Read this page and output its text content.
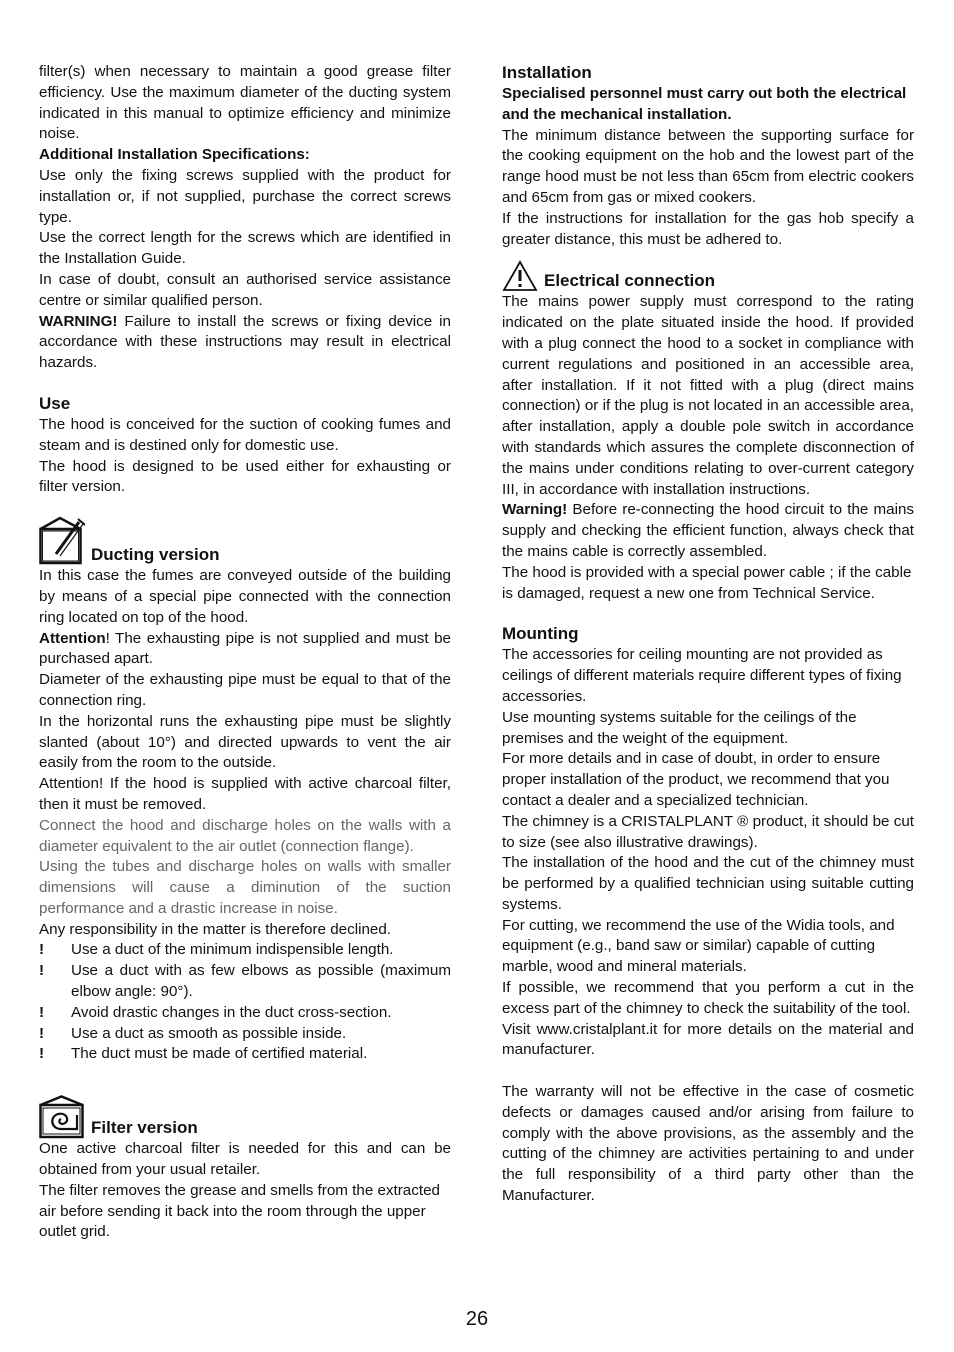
filter(s) when necessary to maintain a good grease filter efficiency. Use the maximum diameter of the ducting system indicated in this manual to optimize efficiency and minimize noise.

Additional Installation Specifications:

Use only the fixing screws supplied with the product for installation or, if not supplied, purchase the correct screws type.

Use the correct length for the screws which are identified in the Installation Guide.

In case of doubt, consult an authorised service assistance centre or similar qualified person.

WARNING! Failure to install the screws or fixing device in accordance with these instructions may result in electrical hazards.

Use

The hood is conceived for the suction of cooking fumes and steam and is destined only for domestic use.

The hood is designed to be used either for exhausting or filter version.

Ducting version

In this case the fumes are conveyed outside of the building by means of a special pipe connected with the connection ring located on top of the hood.

Attention! The exhausting pipe is not supplied and must be purchased apart.

Diameter of the exhausting pipe must be equal to that of the connection ring.

In the horizontal runs the exhausting pipe must be slightly slanted (about 10°) and directed upwards to vent the air easily from the room to the outside.

Attention! If the hood is supplied with active charcoal filter, then it must be removed.

Connect the hood and discharge holes on the walls with a diameter equivalent to the air outlet (connection flange).

Using the tubes and discharge holes on walls with smaller dimensions will cause a diminution of the suction performance and a drastic increase in noise.

Any responsibility in the matter is therefore declined.

!	Use a duct of the minimum indispensible length.
!	Use a duct with as few elbows as possible (maximum elbow angle: 90°).
!	Avoid drastic changes in the duct cross-section.
!	Use a duct as smooth as possible inside.
!	The duct must be made of certified material.
Filter version

One active charcoal filter is needed for this and can be obtained from your usual retailer.

The filter removes the grease and smells from the extracted air before sending it back into the room through the upper outlet grid.

Installation

Specialised personnel must carry out both the electrical and the mechanical installation.

The minimum distance between the supporting surface for the cooking equipment on the hob and the lowest part of the range hood must be not less than 65cm from electric cookers and 65cm from gas or mixed cookers.

If the instructions for installation for the gas hob specify a greater distance, this must be adhered to.

Electrical connection

The mains power supply must correspond to the rating indicated on the plate situated inside the hood. If provided with a plug connect the hood to a socket in compliance with current regulations and positioned in an accessible area, after installation. If it not fitted with a plug (direct mains connection) or if the plug is not located in an accessible area, after installation, apply a double pole switch in accordance with standards which assures the complete disconnection of the mains under conditions relating to over-current category III, in accordance with installation instructions.

Warning! Before re-connecting the hood circuit to the mains supply and checking the efficient function, always check that the mains cable is correctly assembled.

The hood is provided with a special power cable ; if the cable is damaged, request a new one from Technical Service.

Mounting

The accessories for ceiling mounting are not provided as ceilings of different materials require different types of fixing accessories.

Use mounting systems suitable for the ceilings of the premises and the weight of the equipment.

For more details and in case of doubt, in order to ensure proper installation of the product, we recommend that you contact a dealer and a specialized technician.

The chimney is a CRISTALPLANT ® product, it should be cut to size (see also illustrative drawings).

The installation of the hood and the cut of the chimney must be performed by a qualified technician using suitable cutting systems.

For cutting, we recommend the use of the Widia tools, and equipment (e.g., band saw or similar) capable of cutting marble, wood and mineral materials.

If possible, we recommend that you perform a cut in the excess part of the chimney to check the suitability of the tool.

Visit www.cristalplant.it for more details on the material and manufacturer.

The warranty will not be effective in the case of cosmetic defects or damages caused and/or arising from failure to comply with the above provisions, as the assembly and the cutting of the chimney are activities pertaining to and under the full responsibility of a third party other than the Manufacturer.

26
